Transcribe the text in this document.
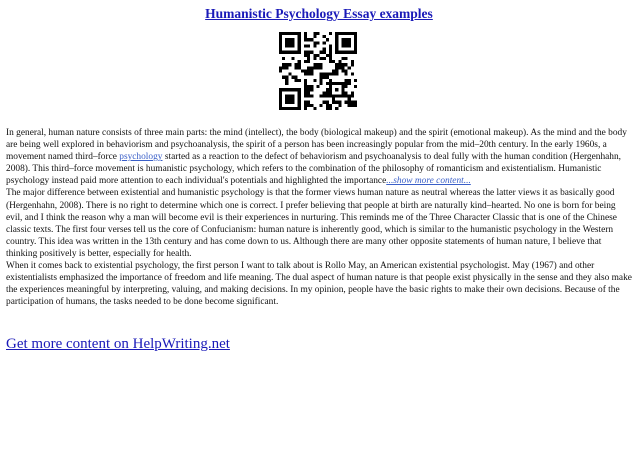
Humanistic Psychology Essay examples

In general, human nature consists of three main parts: the mind (intellect), the body (biological makeup) and the spirit (emotional makeup). As the mind and the body are being well explored in behaviorism and psychoanalysis, the spirit of a person has been increasingly popular from the mid–20th century. In the early 1960s, a movement named third–force psychology started as a reaction to the defect of behaviorism and psychoanalysis to deal fully with the human condition (Hergenhahn, 2008). This third–force movement is humanistic psychology, which refers to the combination of the philosophy of romanticism and existentialism. Humanistic psychology instead paid more attention to each individual's potentials and highlighted the importance...show more content...

The major difference between existential and humanistic psychology is that the former views human nature as neutral whereas the latter views it as basically good (Hergenhahn, 2008). There is no right to determine which one is correct. I prefer believing that people at birth are naturally kind–hearted. No one is born for being evil, and I think the reason why a man will become evil is their experiences in nurturing. This reminds me of the Three Character Classic that is one of the Chinese classic texts. The first four verses tell us the core of Confucianism: human nature is inherently good, which is similar to the humanistic psychology in the Western country. This idea was written in the 13th century and has come down to us. Although there are many other opposite statements of human nature, I believe that thinking positively is better, especially for health.

When it comes back to existential psychology, the first person I want to talk about is Rollo May, an American existential psychologist. May (1967) and other existentialists emphasized the importance of freedom and life meaning. The dual aspect of human nature is that people exist physically in the sense and they also make the experiences meaningful by interpreting, valuing, and making decisions. In my opinion, people have the basic rights to make their own decisions. Because of the participation of humans, the tasks needed to be done become significant.

Get more content on HelpWriting.net
